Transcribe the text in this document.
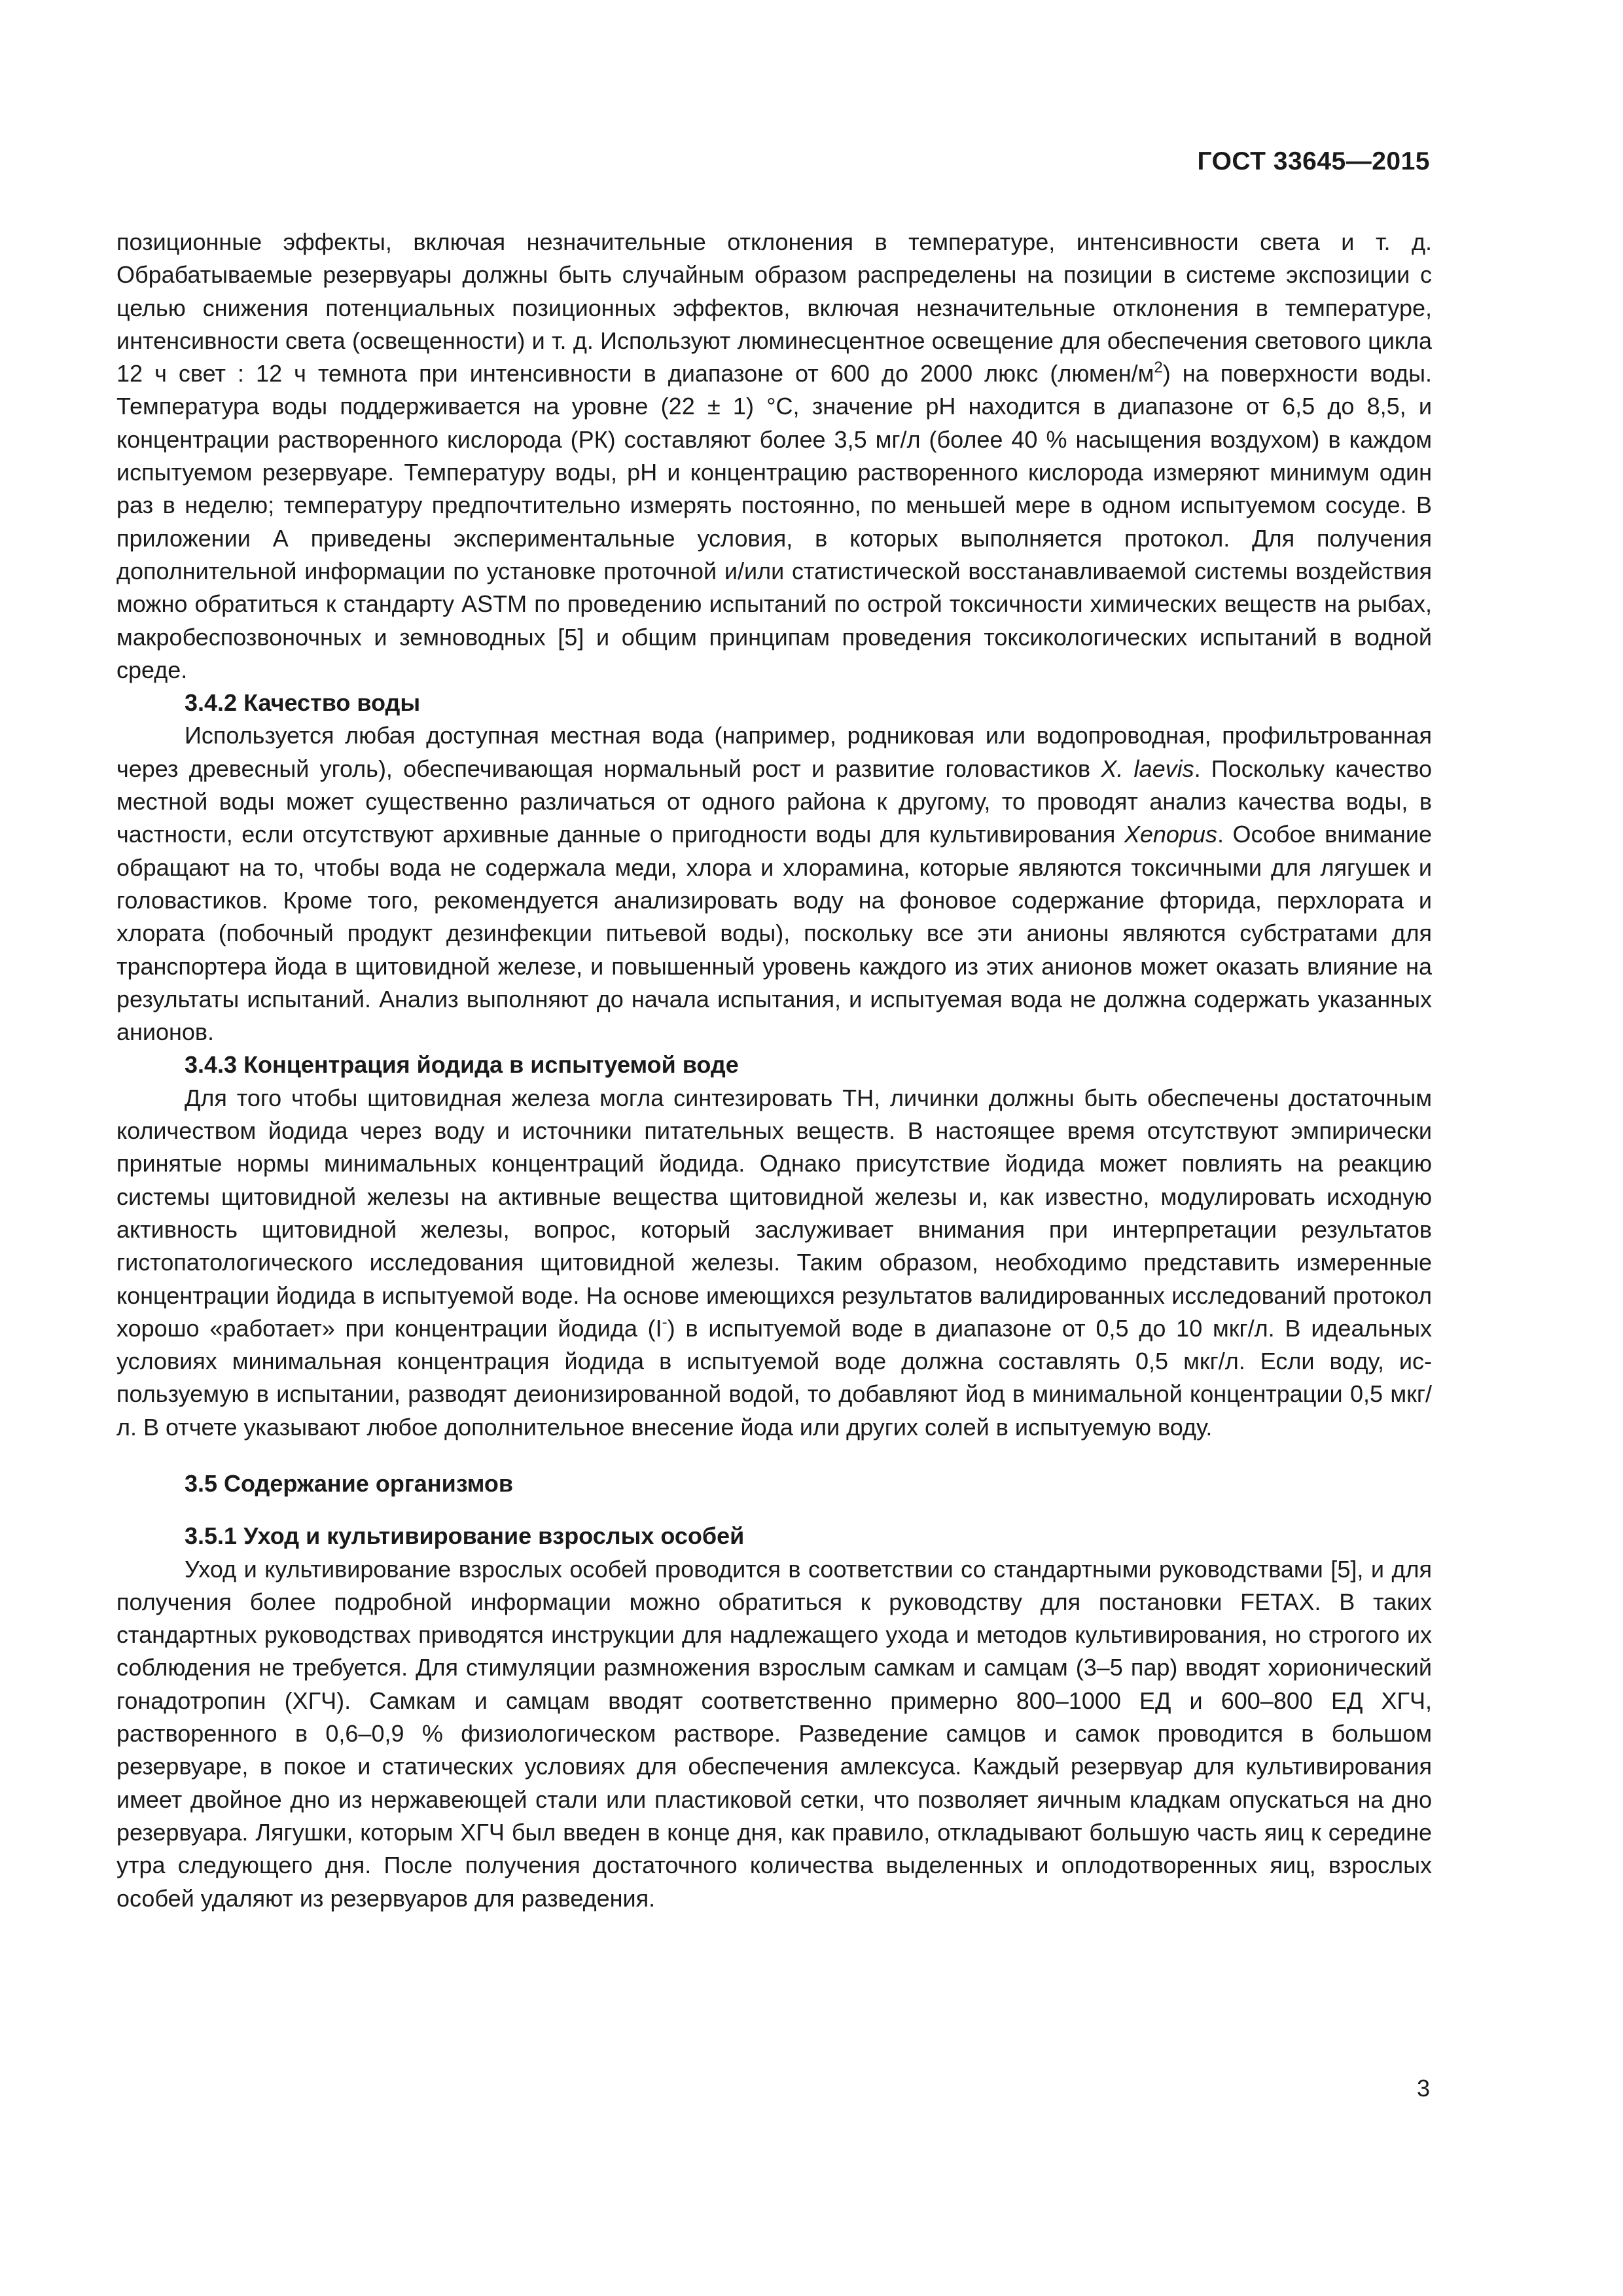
ГОСТ 33645—2015

позиционные эффекты, включая незначительные отклонения в температуре, интенсивности света и т. д. Обрабатываемые резервуары должны быть случайным образом распределены на позиции в системе экспозиции с целью снижения потенциальных позиционных эффектов, включая незначительные отклонения в температуре, интенсивности света (освещенности) и т. д. Используют люминесцентное освещение для обеспечения светового цикла 12 ч свет : 12 ч темнота при интенсивности в диапазоне от 600 до 2000 люкс $(люмен/м^2)$ на поверхности воды. Температура воды поддерживается на уровне (22 ± 1) °С, значение pH находится в диапазоне от 6,5 до 8,5, и концентрации растворенного кислорода (РК) составляют более 3,5 мг/л (более 40 % насыщения воздухом) в каждом испытуемом резервуаре. Температуру воды, pH и концентрацию растворенного кислорода измеряют минимум один раз в неделю; температуру предпочтительно измерять постоянно, по меньшей мере в одном испытуемом сосуде. В приложении А приведены экспериментальные условия, в которых выполняется протокол. Для получения дополнительной информации по установке проточной и/или статистической восстанавливаемой системы воздействия можно обратиться к стандарту ASTM по проведению испытаний по острой токсичности химических веществ на рыбах, макробеспозвоночных и земноводных [5] и общим принципам проведения токсикологических испытаний в водной среде.

3.4.2 Качество воды

Используется любая доступная местная вода (например, родниковая или водопроводная, профильтрованная через древесный уголь), обеспечивающая нормальный рост и развитие головастиков X. laevis. Поскольку качество местной воды может существенно различаться от одного района к другому, то проводят анализ качества воды, в частности, если отсутствуют архивные данные о пригодности воды для культивирования Xenopus. Особое внимание обращают на то, чтобы вода не содержала меди, хлора и хлорамина, которые являются токсичными для лягушек и головастиков. Кроме того, рекомендуется анализировать воду на фоновое содержание фторида, перхлората и хлората (побочный продукт дезинфекции питьевой воды), поскольку все эти анионы являются субстратами для транспортера йода в щитовидной железе, и повышенный уровень каждого из этих анионов может оказать влияние на результаты испытаний. Анализ выполняют до начала испытания, и испытуемая вода не должна содержать указанных анионов.

3.4.3 Концентрация йодида в испытуемой воде

Для того чтобы щитовидная железа могла синтезировать ТН, личинки должны быть обеспечены достаточным количеством йодида через воду и источники питательных веществ. В настоящее время отсутствуют эмпирически принятые нормы минимальных концентраций йодида. Однако присутствие йодида может повлиять на реакцию системы щитовидной железы на активные вещества щитовидной железы и, как известно, модулировать исходную активность щитовидной железы, вопрос, который заслуживает внимания при интерпретации результатов гистопатологического исследования щитовидной железы. Таким образом, необходимо представить измеренные концентрации йодида в испытуемой воде. На основе имеющихся результатов валидированных исследований протокол хорошо «работает» при концентрации йодида (I-) в испытуемой воде в диапазоне от 0,5 до 10 мкг/л. В идеальных условиях минимальная концентрация йодида в испытуемой воде должна составлять 0,5 мкг/л. Если воду, используемую в испытании, разводят деионизированной водой, то добавляют йод в минимальной концентрации 0,5 мкг/л. В отчете указывают любое дополнительное внесение йода или других солей в испытуемую воду.

3.5 Содержание организмов
3.5.1 Уход и культивирование взрослых особей

Уход и культивирование взрослых особей проводится в соответствии со стандартными руководствами [5], и для получения более подробной информации можно обратиться к руководству для постановки FETAX. В таких стандартных руководствах приводятся инструкции для надлежащего ухода и методов культивирования, но строгого их соблюдения не требуется. Для стимуляции размножения взрослым самкам и самцам (3–5 пар) вводят хорионический гонадотропин (ХГЧ). Самкам и самцам вводят соответственно примерно 800–1000 ЕД и 600–800 ЕД ХГЧ, растворенного в 0,6–0,9 % физиологическом растворе. Разведение самцов и самок проводится в большом резервуаре, в покое и статических условиях для обеспечения амлексуса. Каждый резервуар для культивирования имеет двойное дно из нержавеющей стали или пластиковой сетки, что позволяет яичным кладкам опускаться на дно резервуара. Лягушки, которым ХГЧ был введен в конце дня, как правило, откладывают большую часть яиц к середине утра следующего дня. После получения достаточного количества выделенных и оплодотворенных яиц, взрослых особей удаляют из резервуаров для разведения.

3
